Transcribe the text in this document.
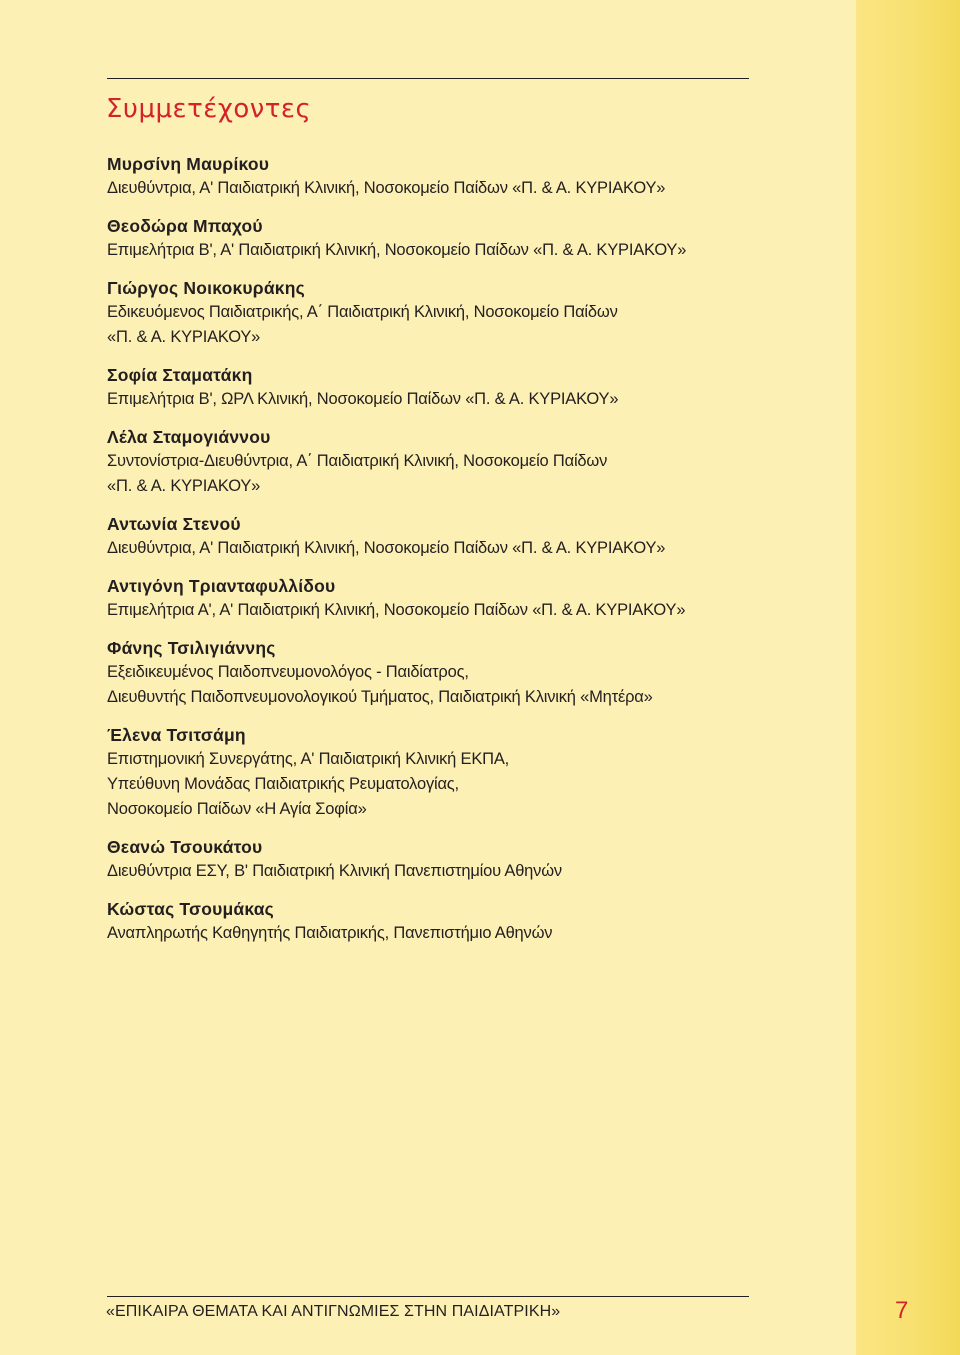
Συμμετέχοντες
Μυρσίνη Μαυρίκου
Διευθύντρια, Α' Παιδιατρική Κλινική, Νοσοκομείο Παίδων «Π. & Α. ΚΥΡΙΑΚΟΥ»
Θεοδώρα Μπαχού
Επιμελήτρια Β', Α' Παιδιατρική Κλινική, Νοσοκομείο Παίδων «Π. & Α. ΚΥΡΙΑΚΟΥ»
Γιώργος Νοικοκυράκης
Εδικευόμενος Παιδιατρικής, Α΄ Παιδιατρική Κλινική, Νοσοκομείο Παίδων
«Π. & Α. ΚΥΡΙΑΚΟΥ»
Σοφία Σταματάκη
Επιμελήτρια Β', ΩΡΛ Κλινική, Νοσοκομείο Παίδων «Π. & Α. ΚΥΡΙΑΚΟΥ»
Λέλα Σταμογιάννου
Συντονίστρια-Διευθύντρια, Α΄ Παιδιατρική Κλινική, Νοσοκομείο Παίδων
«Π. & Α. ΚΥΡΙΑΚΟΥ»
Αντωνία Στενού
Διευθύντρια, Α' Παιδιατρική Κλινική, Νοσοκομείο Παίδων «Π. & Α. ΚΥΡΙΑΚΟΥ»
Αντιγόνη Τριανταφυλλίδου
Επιμελήτρια Α', Α' Παιδιατρική Κλινική, Νοσοκομείο Παίδων «Π. & Α. ΚΥΡΙΑΚΟΥ»
Φάνης Τσιλιγιάννης
Εξειδικευμένος Παιδοπνευμονολόγος - Παιδίατρος,
Διευθυντής Παιδοπνευμονολογικού Τμήματος, Παιδιατρική Κλινική «Μητέρα»
Έλενα Τσιτσάμη
Επιστημονική Συνεργάτης, Α' Παιδιατρική Κλινική ΕΚΠΑ,
Υπεύθυνη Μονάδας Παιδιατρικής Ρευματολογίας,
Νοσοκομείο Παίδων «Η Αγία Σοφία»
Θεανώ Τσουκάτου
Διευθύντρια ΕΣΥ, Β' Παιδιατρική Κλινική Πανεπιστημίου Αθηνών
Κώστας Τσουμάκας
Αναπληρωτής Καθηγητής Παιδιατρικής, Πανεπιστήμιο Αθηνών
«ΕΠΙΚΑΙΡΑ ΘΕΜΑΤΑ ΚΑΙ ΑΝΤΙΓΝΩΜΙΕΣ ΣΤΗΝ ΠΑΙΔΙΑΤΡΙΚΗ»	7
